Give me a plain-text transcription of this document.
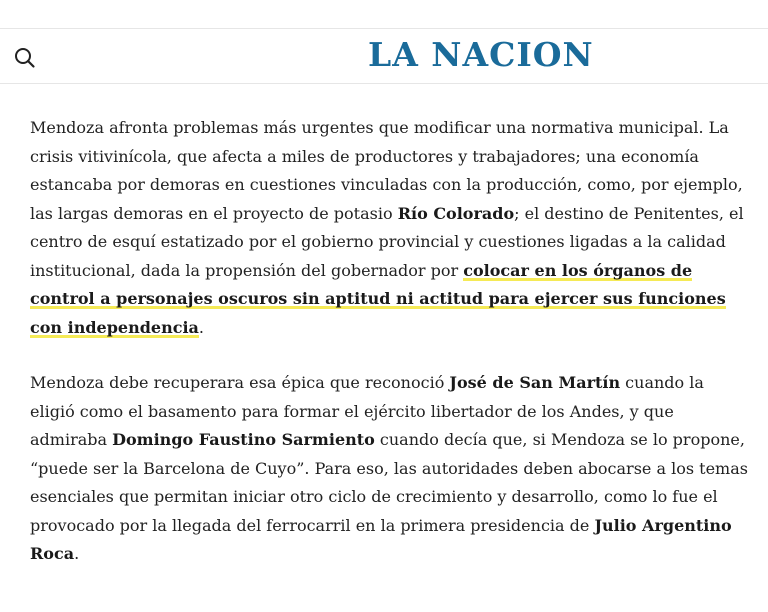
LA NACION

Mendoza afronta problemas más urgentes que modificar una normativa municipal. La crisis vitivinícola, que afecta a miles de productores y trabajadores; una economía estancaba por demoras en cuestiones vinculadas con la producción, como, por ejemplo, las largas demoras en el proyecto de potasio Río Colorado; el destino de Penitentes, el centro de esquí estatizado por el gobierno provincial y cuestiones ligadas a la calidad institucional, dada la propensión del gobernador por colocar en los órganos de control a personajes oscuros sin aptitud ni actitud para ejercer sus funciones con independencia.

Mendoza debe recuperara esa épica que reconoció José de San Martín cuando la eligió como el basamento para formar el ejército libertador de los Andes, y que admiraba Domingo Faustino Sarmiento cuando decía que, si Mendoza se lo propone, “puede ser la Barcelona de Cuyo”. Para eso, las autoridades deben abocarse a los temas esenciales que permitan iniciar otro ciclo de crecimiento y desarrollo, como lo fue el provocado por la llegada del ferrocarril en la primera presidencia de Julio Argentino Roca.
